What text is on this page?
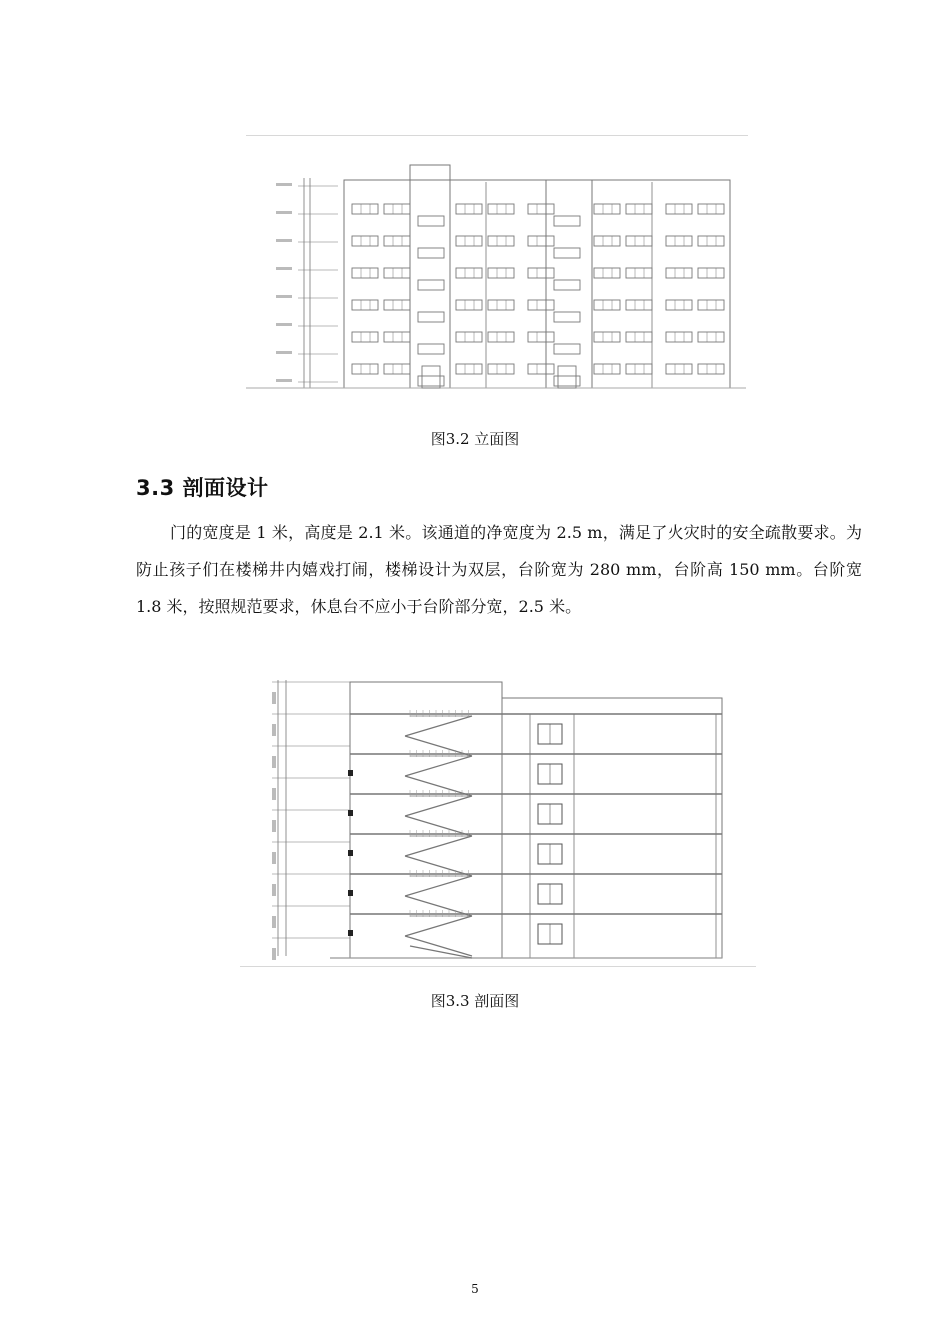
图3.2 立面图
3.3 剖面设计
门的宽度是 1 米，高度是 2.1 米。该通道的净宽度为 2.5 m，满足了火灾时的安全疏散要求。为防止孩子们在楼梯井内嬉戏打闹，楼梯设计为双层，台阶宽为 280 mm，台阶高 150 mm。台阶宽 1.8 米，按照规范要求，休息台不应小于台阶部分宽，2.5 米。
图3.3 剖面图
5
